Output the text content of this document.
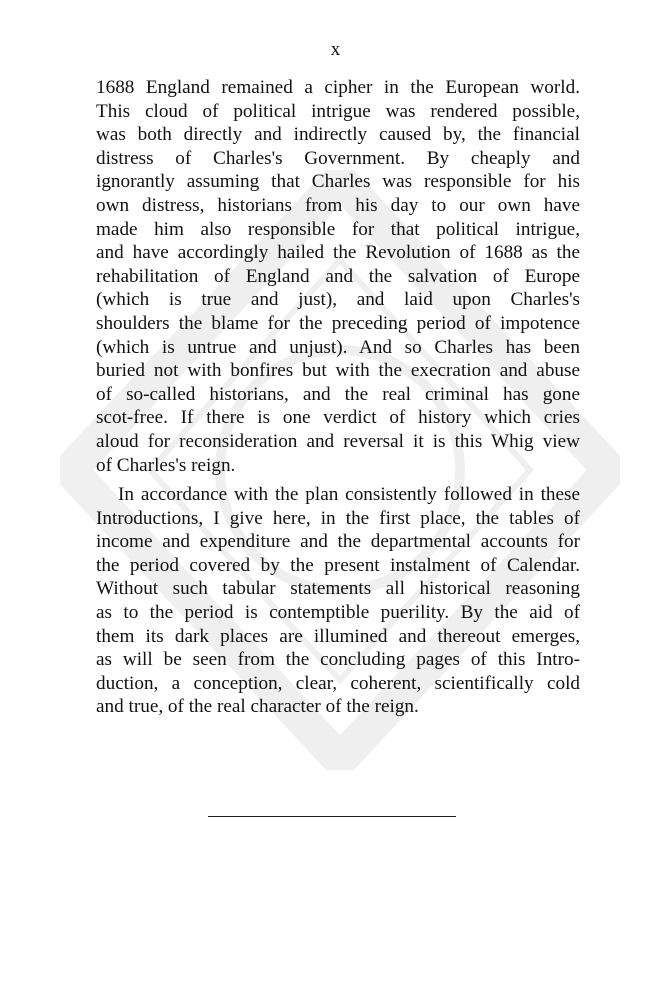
x
1688 England remained a cipher in the European world.
This cloud of political intrigue was rendered possible,
was both directly and indirectly caused by, the financial
distress of Charles's Government. By cheaply and
ignorantly assuming that Charles was responsible for his
own distress, historians from his day to our own have
made him also responsible for that political intrigue,
and have accordingly hailed the Revolution of 1688 as the
rehabilitation of England and the salvation of Europe
(which is true and just), and laid upon Charles's
shoulders the blame for the preceding period of impotence
(which is untrue and unjust). And so Charles has been
buried not with bonfires but with the execration and abuse
of so-called historians, and the real criminal has gone
scot-free. If there is one verdict of history which cries
aloud for reconsideration and reversal it is this Whig view
of Charles's reign.
In accordance with the plan consistently followed in these
Introductions, I give here, in the first place, the tables of
income and expenditure and the departmental accounts for
the period covered by the present instalment of Calendar.
Without such tabular statements all historical reasoning
as to the period is contemptible puerility. By the aid of
them its dark places are illumined and thereout emerges,
as will be seen from the concluding pages of this Intro-
duction, a conception, clear, coherent, scientifically cold
and true, of the real character of the reign.
